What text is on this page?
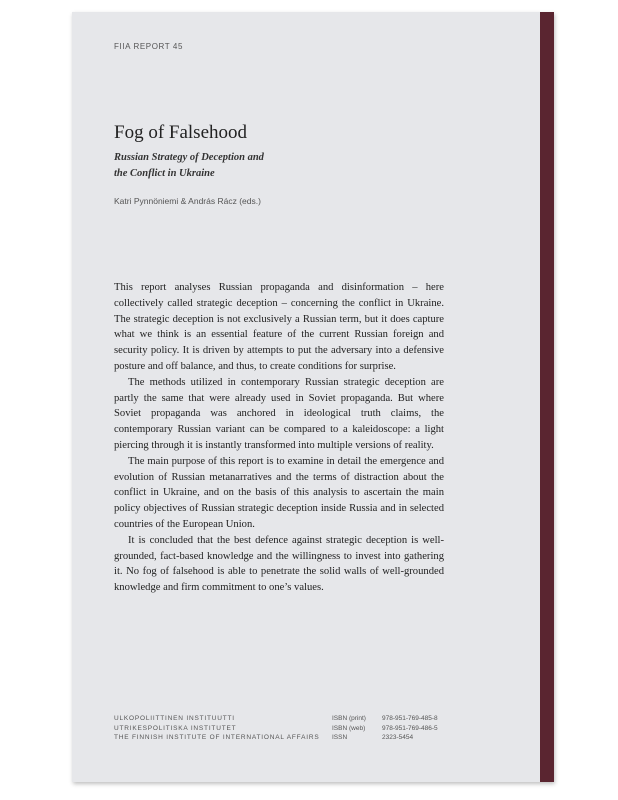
FIIA REPORT 45
Fog of Falsehood
Russian Strategy of Deception and
the Conflict in Ukraine
Katri Pynnöniemi & András Rácz (eds.)

This report analyses Russian propaganda and disinformation – here collectively called strategic deception – concerning the conflict in Ukraine. The strategic deception is not exclusively a Russian term, but it does capture what we think is an essential feature of the current Russian foreign and security policy. It is driven by attempts to put the adversary into a defensive posture and off balance, and thus, to create conditions for surprise.

The methods utilized in contemporary Russian strategic deception are partly the same that were already used in Soviet propaganda. But where Soviet propaganda was anchored in ideological truth claims, the contemporary Russian variant can be compared to a kaleidoscope: a light piercing through it is instantly transformed into multiple versions of reality.

The main purpose of this report is to examine in detail the emergence and evolution of Russian metanarratives and the terms of distraction about the conflict in Ukraine, and on the basis of this analysis to ascertain the main policy objectives of Russian strategic deception inside Russia and in selected countries of the European Union.

It is concluded that the best defence against strategic deception is well-grounded, fact-based knowledge and the willingness to invest into gathering it. No fog of falsehood is able to penetrate the solid walls of well-grounded knowledge and firm commitment to one’s values.

ULKOPOLIITTINEN INSTITUUTTI
UTRIKESPOLITISKA INSTITUTET
THE FINNISH INSTITUTE OF INTERNATIONAL AFFAIRS
ISBN (print)	978-951-769-485-8
ISBN (web)	978-951-769-486-5
ISSN	2323-5454
